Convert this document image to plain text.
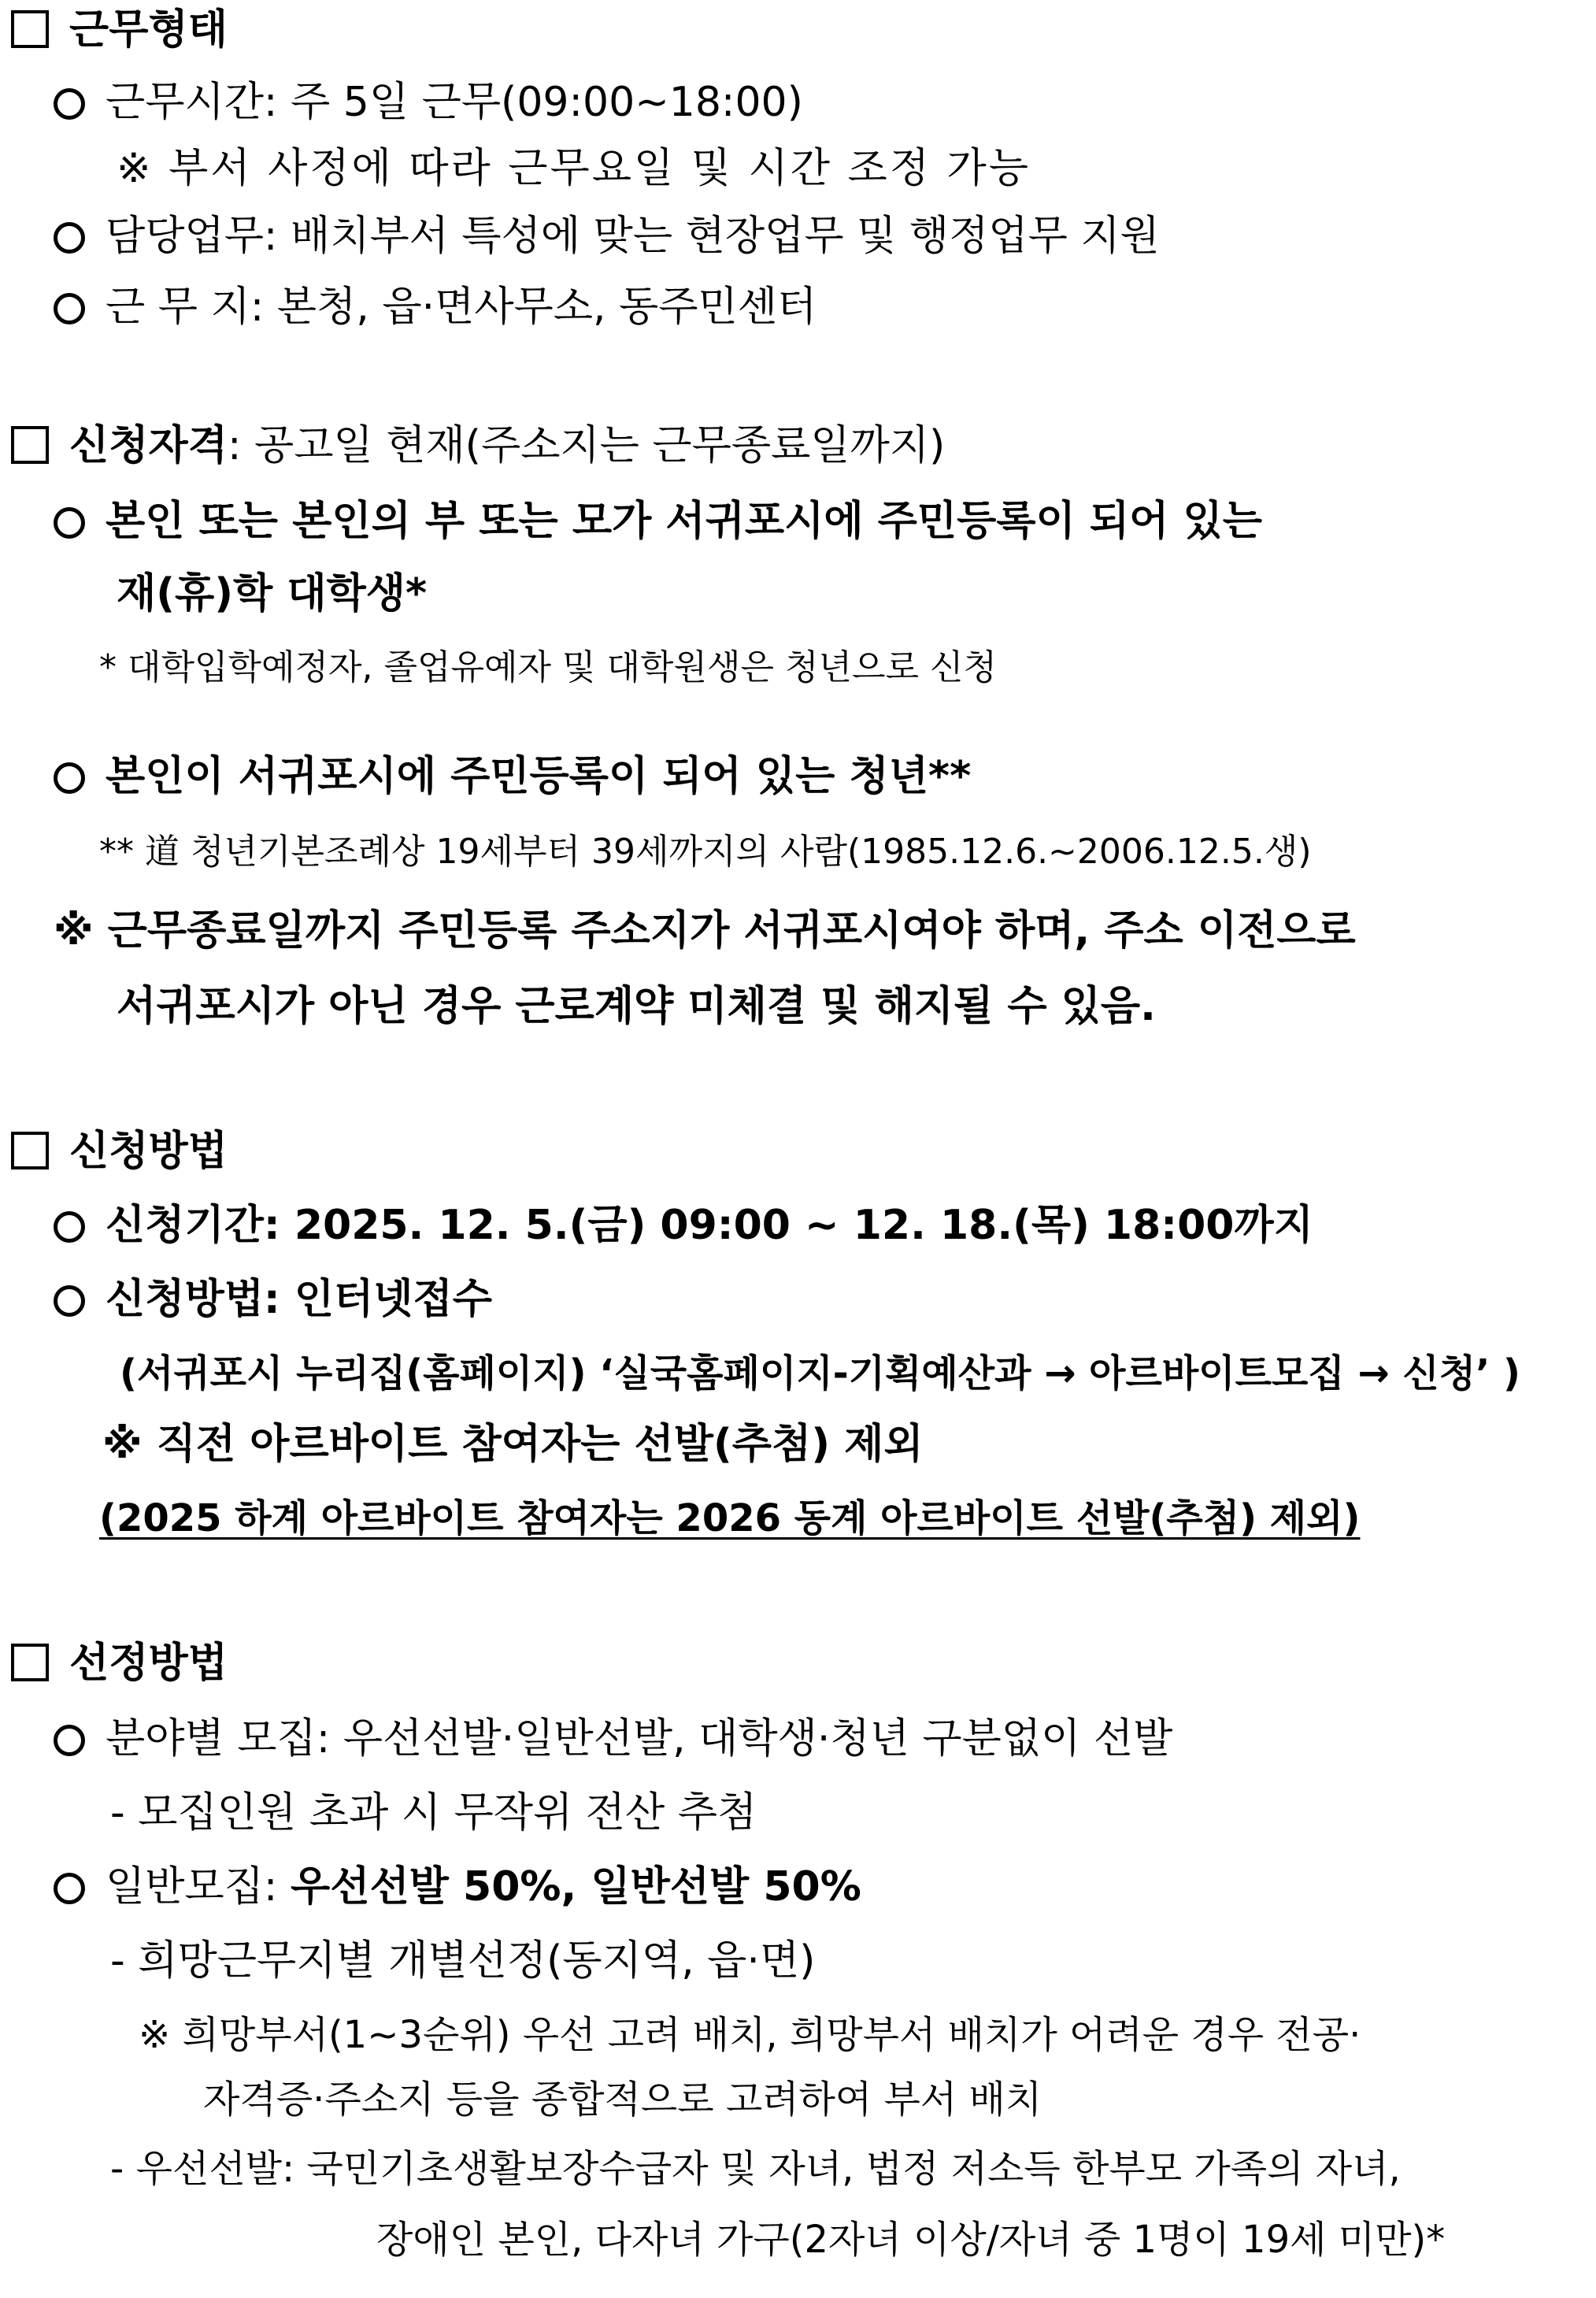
근무형태
근무시간: 주 5일 근무(09:00~18:00)
※ 부서 사정에 따라 근무요일 및 시간 조정 가능
담당업무: 배치부서 특성에 맞는 현장업무 및 행정업무 지원
근 무 지: 본청, 읍·면사무소, 동주민센터
신청자격: 공고일 현재(주소지는 근무종료일까지)
본인 또는 본인의 부 또는 모가 서귀포시에 주민등록이 되어 있는
재(휴)학 대학생*
* 대학입학예정자, 졸업유예자 및 대학원생은 청년으로 신청
본인이 서귀포시에 주민등록이 되어 있는 청년**
** 道 청년기본조례상 19세부터 39세까지의 사람(1985.12.6.~2006.12.5.생)
※ 근무종료일까지 주민등록 주소지가 서귀포시여야 하며, 주소 이전으로
서귀포시가 아닌 경우 근로계약 미체결 및 해지될 수 있음.
신청방법
신청기간: 2025. 12. 5.(금) 09:00 ~ 12. 18.(목) 18:00까지
신청방법: 인터넷접수
(서귀포시 누리집(홈페이지) ‘실국홈페이지-기획예산과 → 아르바이트모집 → 신청’ )
※ 직전 아르바이트 참여자는 선발(추첨) 제외
(2025 하계 아르바이트 참여자는 2026 동계 아르바이트 선발(추첨) 제외)
선정방법
분야별 모집: 우선선발·일반선발, 대학생·청년 구분없이 선발
- 모집인원 초과 시 무작위 전산 추첨
일반모집: 우선선발 50%, 일반선발 50%
- 희망근무지별 개별선정(동지역, 읍·면)
※ 희망부서(1~3순위) 우선 고려 배치, 희망부서 배치가 어려운 경우 전공·
자격증·주소지 등을 종합적으로 고려하여 부서 배치
- 우선선발: 국민기초생활보장수급자 및 자녀, 법정 저소득 한부모 가족의 자녀,
장애인 본인, 다자녀 가구(2자녀 이상/자녀 중 1명이 19세 미만)*
